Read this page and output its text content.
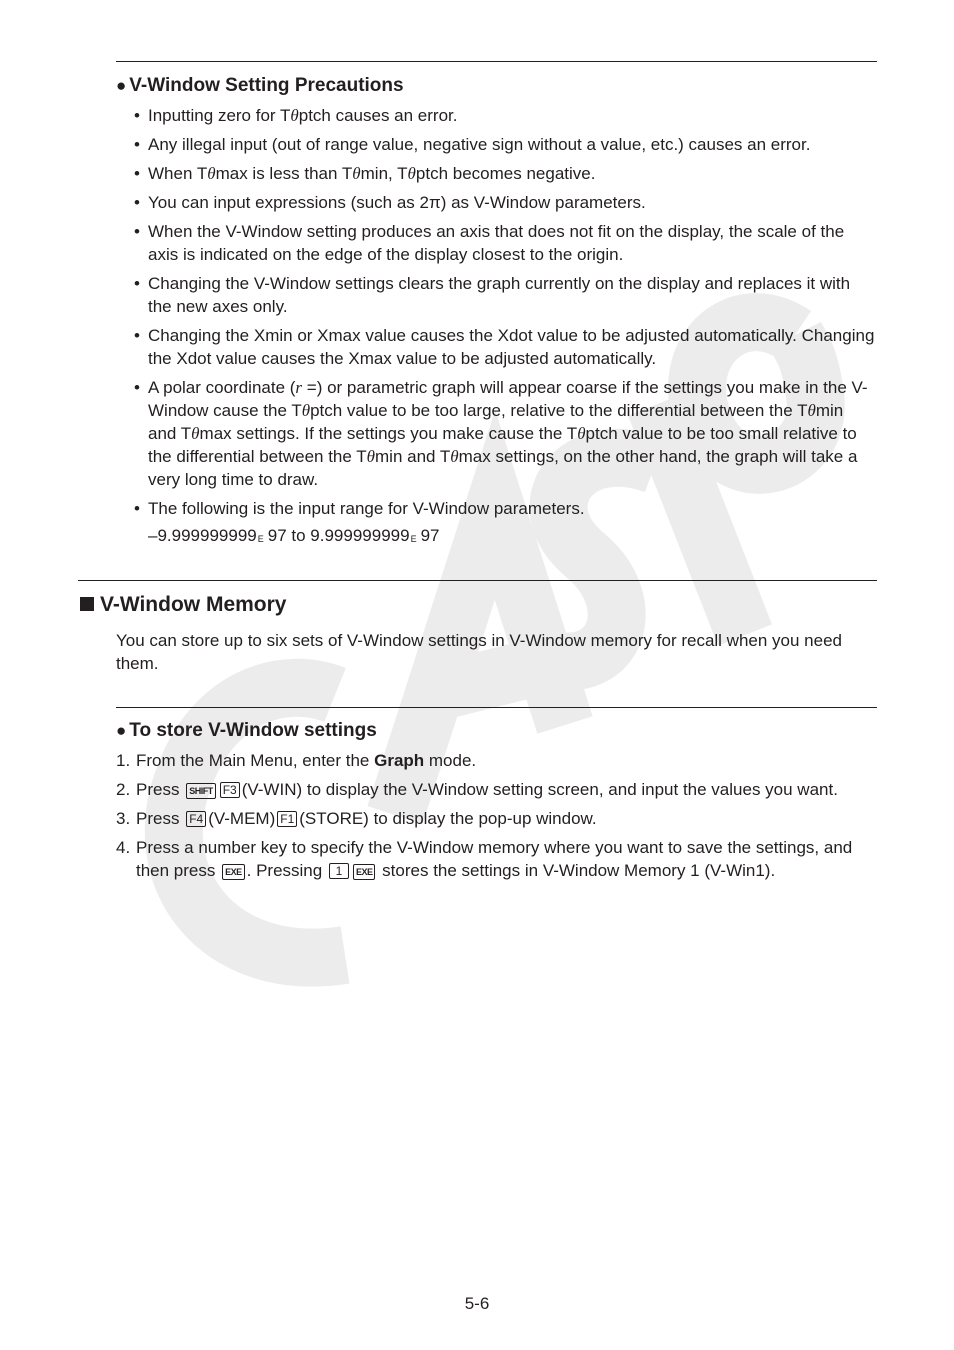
● V-Window Setting Precautions
• Inputting zero for Tθptch causes an error.
• Any illegal input (out of range value, negative sign without a value, etc.) causes an error.
• When Tθmax is less than Tθmin, Tθptch becomes negative.
• You can input expressions (such as 2π) as V-Window parameters.
• When the V-Window setting produces an axis that does not fit on the display, the scale of the axis is indicated on the edge of the display closest to the origin.
• Changing the V-Window settings clears the graph currently on the display and replaces it with the new axes only.
• Changing the Xmin or Xmax value causes the Xdot value to be adjusted automatically. Changing the Xdot value causes the Xmax value to be adjusted automatically.
• A polar coordinate (r =) or parametric graph will appear coarse if the settings you make in the V-Window cause the Tθptch value to be too large, relative to the differential between the Tθmin and Tθmax settings. If the settings you make cause the Tθptch value to be too small relative to the differential between the Tθmin and Tθmax settings, on the other hand, the graph will take a very long time to draw.
• The following is the input range for V-Window parameters.
–9.999999999E 97 to 9.999999999E 97
V-Window Memory
You can store up to six sets of V-Window settings in V-Window memory for recall when you need them.
● To store V-Window settings
1. From the Main Menu, enter the Graph mode.
2. Press SHIFT F3 (V-WIN) to display the V-Window setting screen, and input the values you want.
3. Press F4 (V-MEM) F1 (STORE) to display the pop-up window.
4. Press a number key to specify the V-Window memory where you want to save the settings, and then press EXE . Pressing 1 EXE stores the settings in V-Window Memory 1 (V-Win1).
5-6
